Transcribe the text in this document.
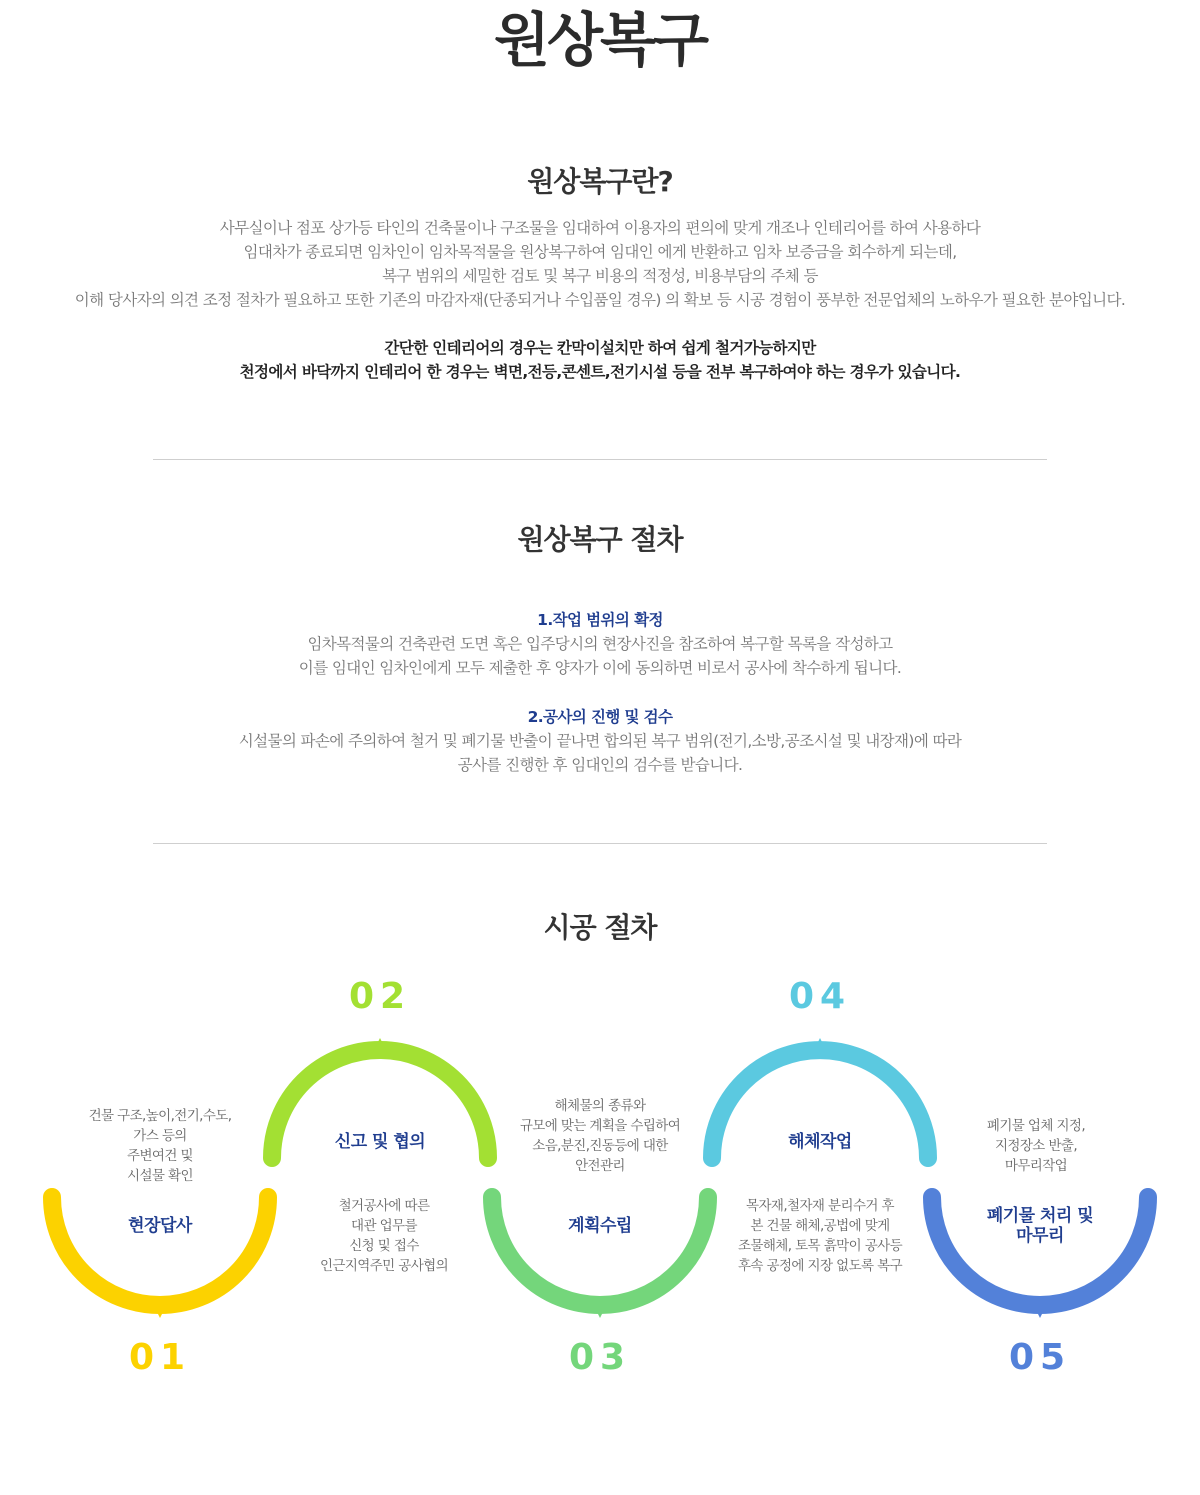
원상복구
원상복구란?
사무실이나 점포 상가등 타인의 건축물이나 구조물을 임대하여 이용자의 편의에 맞게 개조나 인테리어를 하여 사용하다
임대차가 종료되면 임차인이 임차목적물을 원상복구하여 임대인 에게 반환하고 임차 보증금을 회수하게 되는데,
복구 범위의 세밀한 검토 및 복구 비용의 적정성, 비용부담의 주체 등
이해 당사자의 의견 조정 절차가 필요하고 또한 기존의 마감자재(단종되거나 수입품일 경우) 의 확보 등 시공 경험이 풍부한 전문업체의 노하우가 필요한 분야입니다.
간단한 인테리어의 경우는 칸막이설치만 하여 쉽게 철거가능하지만
천정에서 바닥까지 인테리어 한 경우는 벽면,전등,콘센트,전기시설 등을 전부 복구하여야 하는 경우가 있습니다.
원상복구 절차
1.작업 범위의 확정
임차목적물의 건축관련 도면 혹은 입주당시의 현장사진을 참조하여 복구할 목록을 작성하고
이를 임대인 임차인에게 모두 제출한 후 양자가 이에 동의하면 비로서 공사에 착수하게 됩니다.
2.공사의 진행 및 검수
시설물의 파손에 주의하여 철거 및 폐기물 반출이 끝나면 합의된 복구 범위(전기,소방,공조시설 및 내장재)에 따라
공사를 진행한 후 임대인의 검수를 받습니다.
시공 절차
01
02
03
04
05
현장답사
신고 및 협의
계획수립
해체작업
폐기물 처리 및
마무리
건물 구조,높이,전기,수도,
가스 등의
주변여건 및
시설물 확인
철거공사에 따른
대관 업무를
신청 및 접수
인근지역주민 공사협의
해체물의 종류와
규모에 맞는 계획을 수립하여
소음,분진,진동등에 대한
안전관리
목자재,철자재 분리수거 후
본 건물 해체,공법에 맞게
조물해체, 토목 흙막이 공사등
후속 공정에 지장 없도록 복구
폐기물 업체 지정,
지정장소 반출,
마무리작업
